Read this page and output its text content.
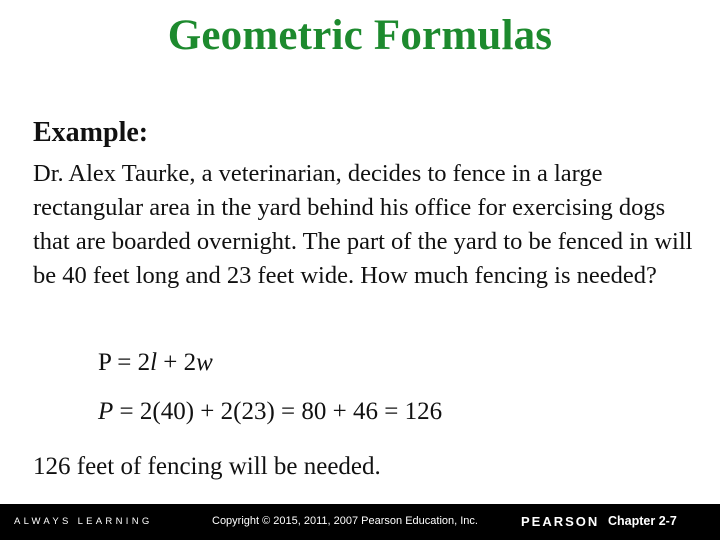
Geometric Formulas
Example:

Dr. Alex Taurke, a veterinarian, decides to fence in a large rectangular area in the yard behind his office for exercising dogs that are boarded overnight. The part of the yard to be fenced in will be 40 feet long and 23 feet wide. How much fencing is needed?

P = 2l + 2w
P = 2(40) + 2(23) = 80 + 46 = 126
126 feet of fencing will be needed.
ALWAYS LEARNING	Copyright © 2015, 2011, 2007 Pearson Education, Inc.	PEARSON Chapter 2-7
